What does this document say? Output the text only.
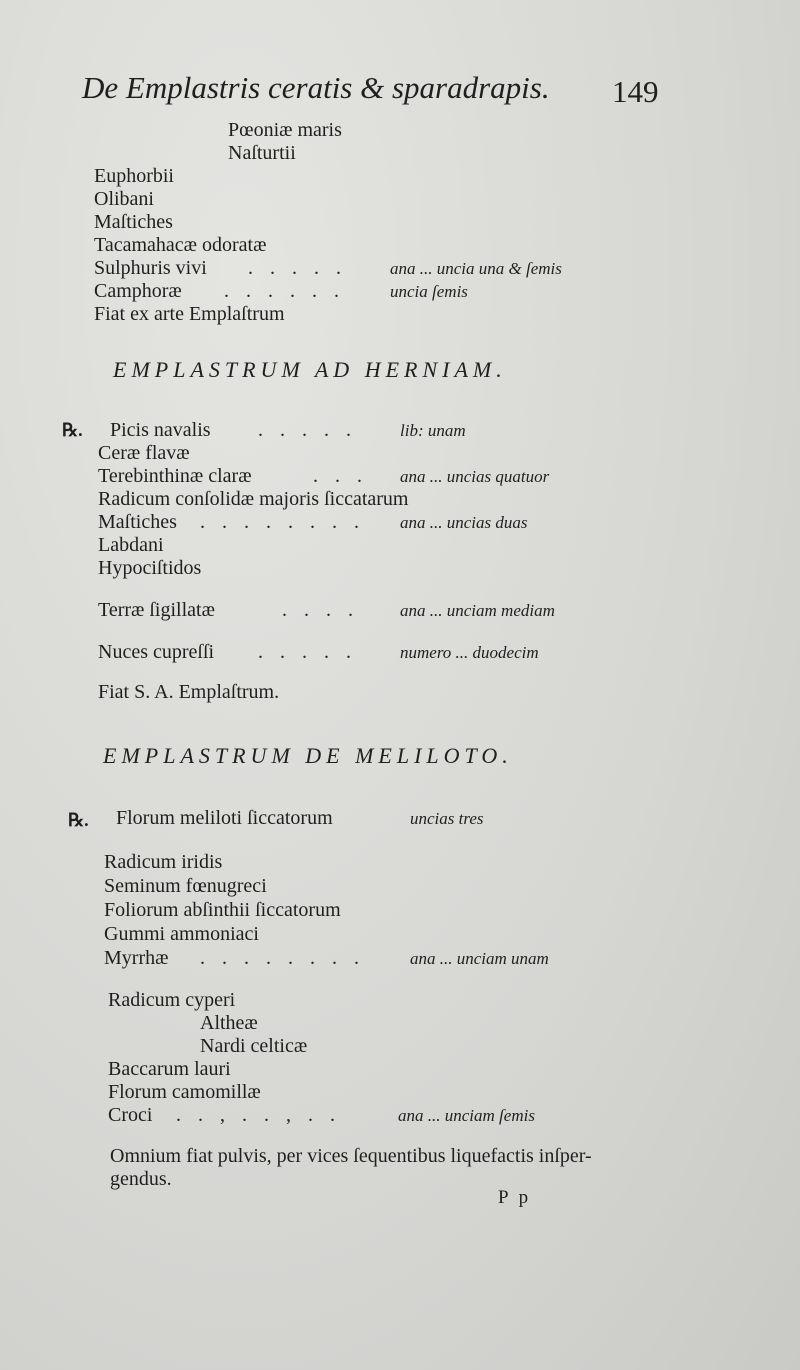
De Emplastris ceratis & sparadrapis. 149
Pœoniæ maris
Naſturtii
Euphorbii
Olibani
Maſtiches
Tacamahacæ odoratæ
Sulphuris vivi . . . . .	ana ... uncia una & ſemis
Camphoræ . . . . . .	uncia ſemis
Fiat ex arte Emplaſtrum
EMPLASTRUM AD HERNIAM.
℞. Picis navalis . . . . .	lib: unam
Ceræ flavæ
Terebinthinæ claræ	. . . ana ... uncias quatuor
Radicum conſolidæ majoris ſiccatarum
Maſtiches . . . . . . . . ana ... uncias duas
Labdani
Hypociſtidos
Terræ ſigillatæ	. . . . ana ... unciam mediam
Nuces cupreſſi . . . . .	numero ... duodecim
Fiat S. A. Emplaſtrum.
EMPLASTRUM DE MELILOTO.
℞. Florum meliloti ſiccatorum	uncias tres
Radicum iridis
Seminum fœnugreci
Foliorum abſinthii ſiccatorum
Gummi ammoniaci
Myrrhæ . . . . . . . .	ana ... unciam unam
Radicum cyperi
Altheæ
Nardi celticæ
Baccarum lauri
Florum camomillæ
Croci . . , . . , . .	ana ... unciam ſemis
Omnium fiat pulvis, per vices ſequentibus liquefactis inſper-
gendus.
P p
